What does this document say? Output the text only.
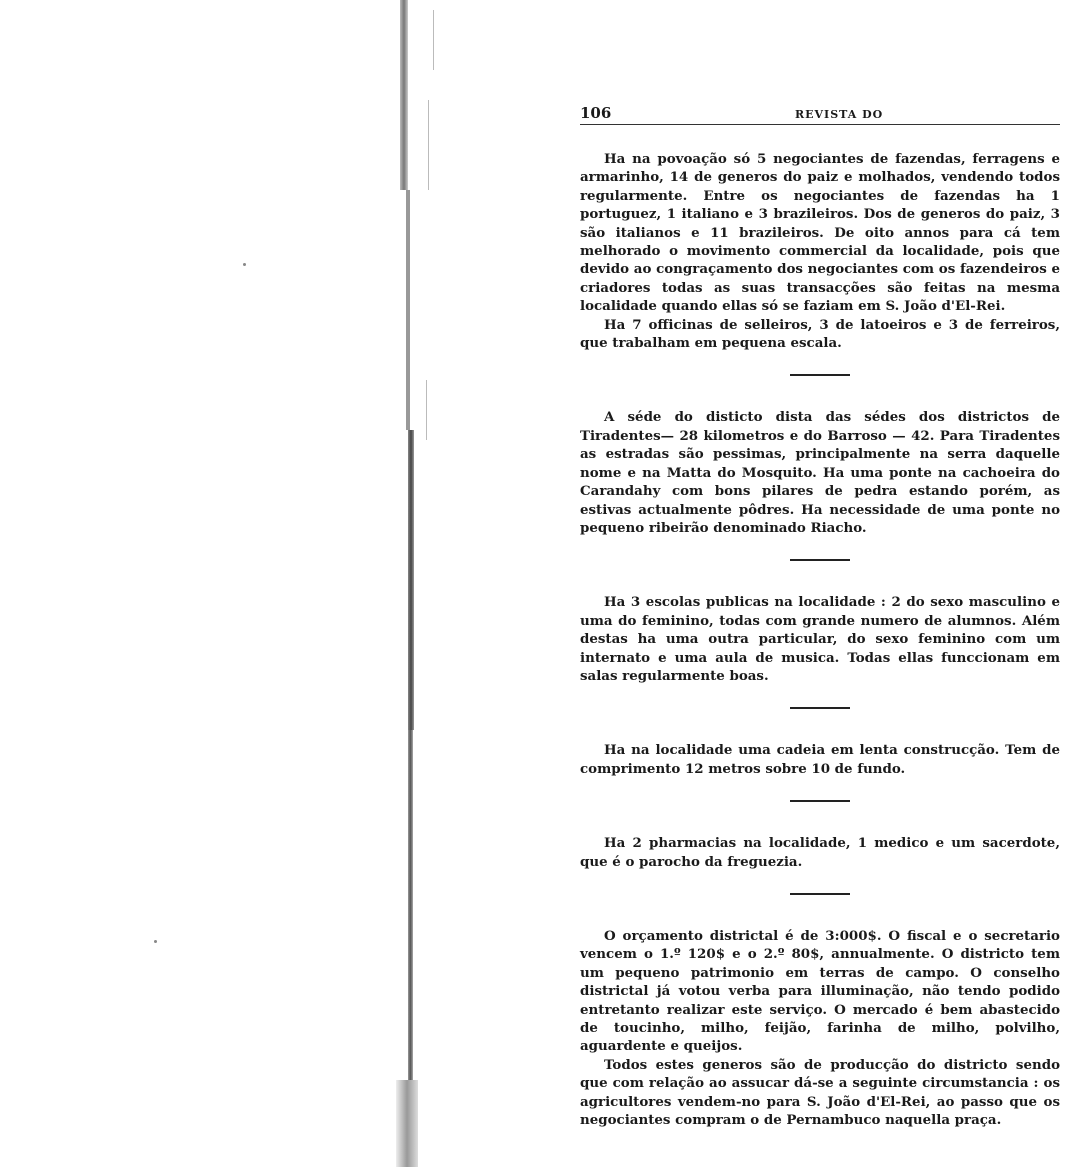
106	REVISTA DO

Ha na povoação só 5 negociantes de fazendas, ferragens e armarinho, 14 de generos do paiz e molhados, vendendo todos regularmente. Entre os negociantes de fazendas ha 1 portuguez, 1 italiano e 3 brazileiros. Dos de generos do paiz, 3 são italianos e 11 brazileiros. De oito annos para cá tem melhorado o movimento commercial da localidade, pois que devido ao congraçamento dos negociantes com os fazendeiros e criadores todas as suas transacções são feitas na mesma localidade quando ellas só se faziam em S. João d'El-Rei.

Ha 7 officinas de selleiros, 3 de latoeiros e 3 de ferreiros, que trabalham em pequena escala.

A séde do disticto dista das sédes dos districtos de Tiradentes— 28 kilometros e do Barroso — 42. Para Tiradentes as estradas são pessimas, principalmente na serra daquelle nome e na Matta do Mosquito. Ha uma ponte na cachoeira do Carandahy com bons pilares de pedra estando porém, as estivas actualmente pôdres. Ha necessidade de uma ponte no pequeno ribeirão denominado Riacho.

Ha 3 escolas publicas na localidade : 2 do sexo masculino e uma do feminino, todas com grande numero de alumnos. Além destas ha uma outra particular, do sexo feminino com um internato e uma aula de musica. Todas ellas funccionam em salas regularmente boas.

Ha na localidade uma cadeia em lenta construcção. Tem de comprimento 12 metros sobre 10 de fundo.

Ha 2 pharmacias na localidade, 1 medico e um sacerdote, que é o parocho da freguezia.

O orçamento districtal é de 3:000$. O fiscal e o secretario vencem o 1.º 120$ e o 2.º 80$, annualmente. O districto tem um pequeno patrimonio em terras de campo. O conselho districtal já votou verba para illuminação, não tendo podido entretanto realizar este serviço. O mercado é bem abastecido de toucinho, milho, feijão, farinha de milho, polvilho, aguardente e queijos.

Todos estes generos são de producção do districto sendo que com relação ao assucar dá-se a seguinte circumstancia : os agricultores vendem-no para S. João d'El-Rei, ao passo que os negociantes compram o de Pernambuco naquella praça.
